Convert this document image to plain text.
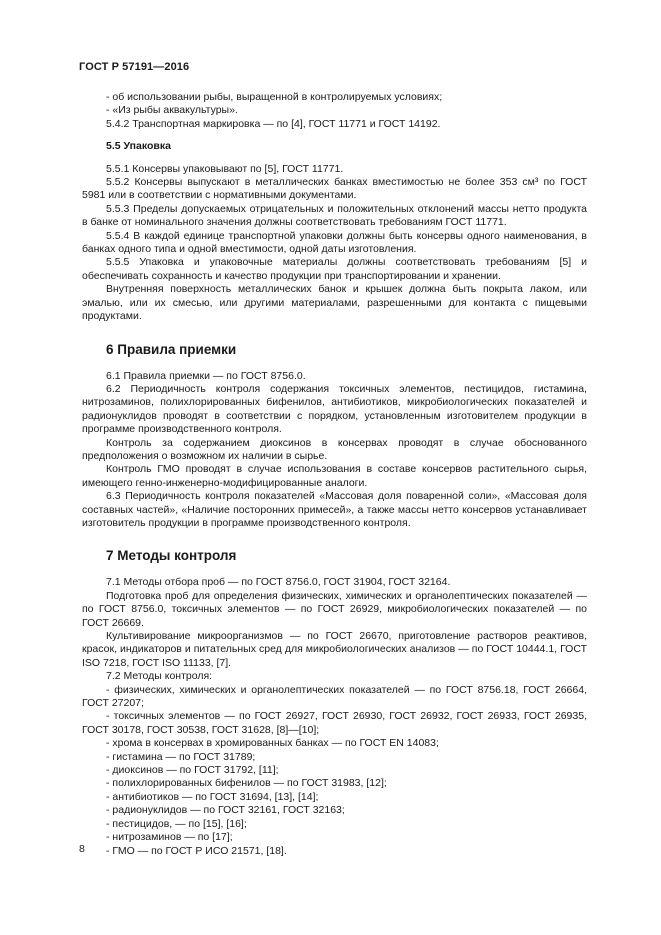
ГОСТ Р 57191—2016

- об использовании рыбы, выращенной в контролируемых условиях;

- «Из рыбы аквакультуры».

5.4.2 Транспортная маркировка — по [4], ГОСТ 11771 и ГОСТ 14192.

5.5 Упаковка

5.5.1 Консервы упаковывают по [5], ГОСТ 11771.

5.5.2 Консервы выпускают в металлических банках вместимостью не более 353 см³ по ГОСТ 5981 или в соответствии с нормативными документами.

5.5.3 Пределы допускаемых отрицательных и положительных отклонений массы нетто продукта в банке от номинального значения должны соответствовать требованиям ГОСТ 11771.

5.5.4 В каждой единице транспортной упаковки должны быть консервы одного наименования, в банках одного типа и одной вместимости, одной даты изготовления.

5.5.5 Упаковка и упаковочные материалы должны соответствовать требованиям [5] и обеспечивать сохранность и качество продукции при транспортировании и хранении.

Внутренняя поверхность металлических банок и крышек должна быть покрыта лаком, или эмалью, или их смесью, или другими материалами, разрешенными для контакта с пищевыми продуктами.

6 Правила приемки

6.1 Правила приемки — по ГОСТ 8756.0.

6.2 Периодичность контроля содержания токсичных элементов, пестицидов, гистамина, нитрозаминов, полихлорированных бифенилов, антибиотиков, микробиологических показателей и радионуклидов проводят в соответствии с порядком, установленным изготовителем продукции в программе производственного контроля.

Контроль за содержанием диоксинов в консервах проводят в случае обоснованного предположения о возможном их наличии в сырье.

Контроль ГМО проводят в случае использования в составе консервов растительного сырья, имеющего генно-инженерно-модифицированные аналоги.

6.3 Периодичность контроля показателей «Массовая доля поваренной соли», «Массовая доля составных частей», «Наличие посторонних примесей», а также массы нетто консервов устанавливает изготовитель продукции в программе производственного контроля.

7 Методы контроля

7.1 Методы отбора проб — по ГОСТ 8756.0, ГОСТ 31904, ГОСТ 32164.

Подготовка проб для определения физических, химических и органолептических показателей — по ГОСТ 8756.0, токсичных элементов — по ГОСТ 26929, микробиологических показателей — по ГОСТ 26669.

Культивирование микроорганизмов — по ГОСТ 26670, приготовление растворов реактивов, красок, индикаторов и питательных сред для микробиологических анализов — по ГОСТ 10444.1, ГОСТ ISO 7218, ГОСТ ISO 11133, [7].

7.2 Методы контроля:

- физических, химических и органолептических показателей — по ГОСТ 8756.18, ГОСТ 26664, ГОСТ 27207;

- токсичных элементов — по ГОСТ 26927, ГОСТ 26930, ГОСТ 26932, ГОСТ 26933, ГОСТ 26935, ГОСТ 30178, ГОСТ 30538, ГОСТ 31628, [8]—[10];

- хрома в консервах в хромированных банках — по ГОСТ EN 14083;

- гистамина — по ГОСТ 31789;

- диоксинов — по ГОСТ 31792, [11];

- полихлорированных бифенилов — по ГОСТ 31983, [12];

- антибиотиков — по ГОСТ 31694, [13], [14];

- радионуклидов — по ГОСТ 32161, ГОСТ 32163;

- пестицидов, — по [15], [16];

- нитрозаминов — по [17];

- ГМО — по ГОСТ Р ИСО 21571, [18].

8
